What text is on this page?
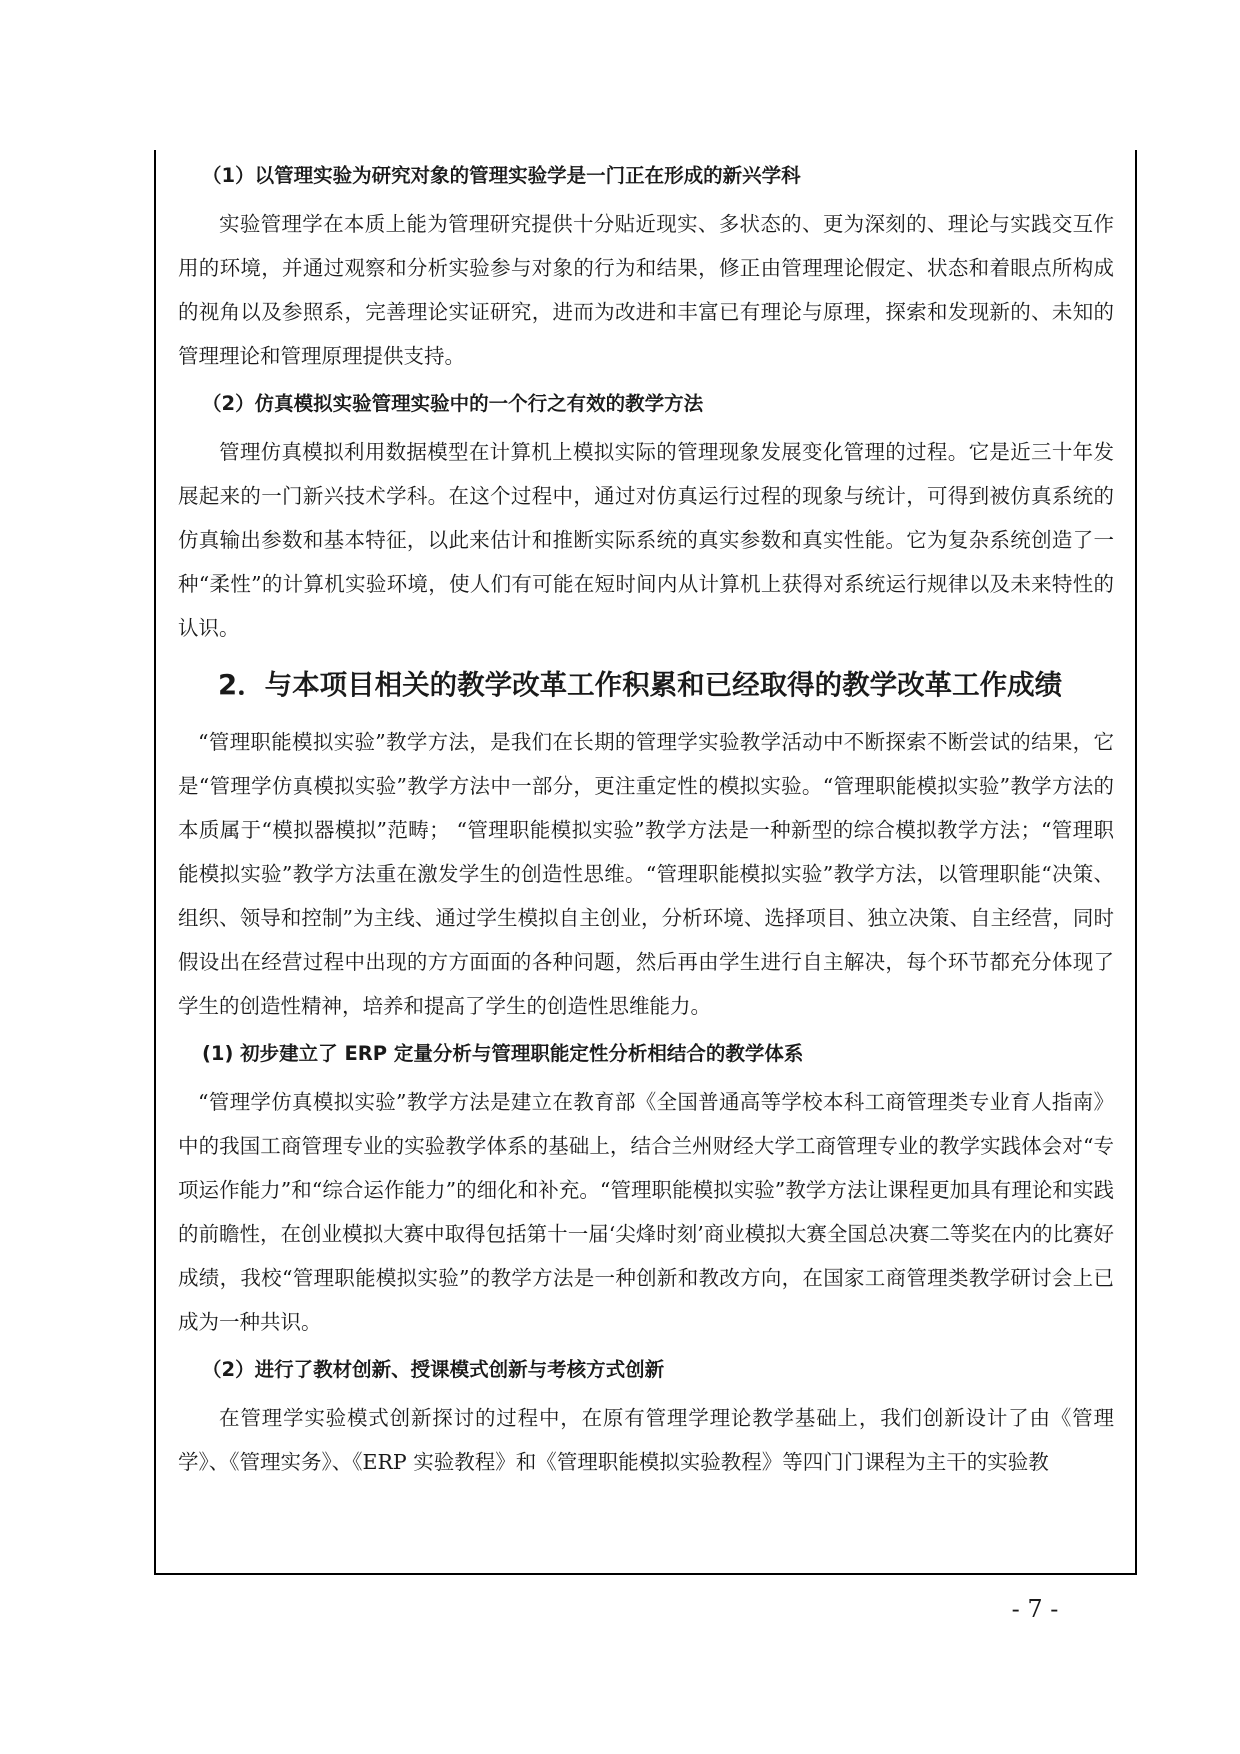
（1）以管理实验为研究对象的管理实验学是一门正在形成的新兴学科

实验管理学在本质上能为管理研究提供十分贴近现实、多状态的、更为深刻的、理论与实践交互作用的环境，并通过观察和分析实验参与对象的行为和结果，修正由管理理论假定、状态和着眼点所构成的视角以及参照系，完善理论实证研究，进而为改进和丰富已有理论与原理，探索和发现新的、未知的管理理论和管理原理提供支持。

（2）仿真模拟实验管理实验中的一个行之有效的教学方法

管理仿真模拟利用数据模型在计算机上模拟实际的管理现象发展变化管理的过程。它是近三十年发展起来的一门新兴技术学科。在这个过程中，通过对仿真运行过程的现象与统计，可得到被仿真系统的仿真输出参数和基本特征，以此来估计和推断实际系统的真实参数和真实性能。它为复杂系统创造了一种“柔性”的计算机实验环境，使人们有可能在短时间内从计算机上获得对系统运行规律以及未来特性的认识。

2．与本项目相关的教学改革工作积累和已经取得的教学改革工作成绩

“管理职能模拟实验”教学方法，是我们在长期的管理学实验教学活动中不断探索不断尝试的结果，它是“管理学仿真模拟实验”教学方法中一部分，更注重定性的模拟实验。“管理职能模拟实验”教学方法的本质属于“模拟器模拟”范畴； “管理职能模拟实验”教学方法是一种新型的综合模拟教学方法；“管理职能模拟实验”教学方法重在激发学生的创造性思维。“管理职能模拟实验”教学方法，以管理职能“决策、组织、领导和控制”为主线、通过学生模拟自主创业，分析环境、选择项目、独立决策、自主经营，同时假设出在经营过程中出现的方方面面的各种问题，然后再由学生进行自主解决，每个环节都充分体现了学生的创造性精神，培养和提高了学生的创造性思维能力。

(1) 初步建立了 ERP 定量分析与管理职能定性分析相结合的教学体系

“管理学仿真模拟实验”教学方法是建立在教育部《全国普通高等学校本科工商管理类专业育人指南》中的我国工商管理专业的实验教学体系的基础上，结合兰州财经大学工商管理专业的教学实践体会对“专项运作能力”和“综合运作能力”的细化和补充。“管理职能模拟实验”教学方法让课程更加具有理论和实践的前瞻性，在创业模拟大赛中取得包括第十一届‘尖烽时刻’商业模拟大赛全国总决赛二等奖在内的比赛好成绩，我校“管理职能模拟实验”的教学方法是一种创新和教改方向，在国家工商管理类教学研讨会上已成为一种共识。

（2）进行了教材创新、授课模式创新与考核方式创新

在管理学实验模式创新探讨的过程中，在原有管理学理论教学基础上，我们创新设计了由《管理学》、《管理实务》、《ERP 实验教程》和《管理职能模拟实验教程》等四门门课程为主干的实验教

- 7 -
